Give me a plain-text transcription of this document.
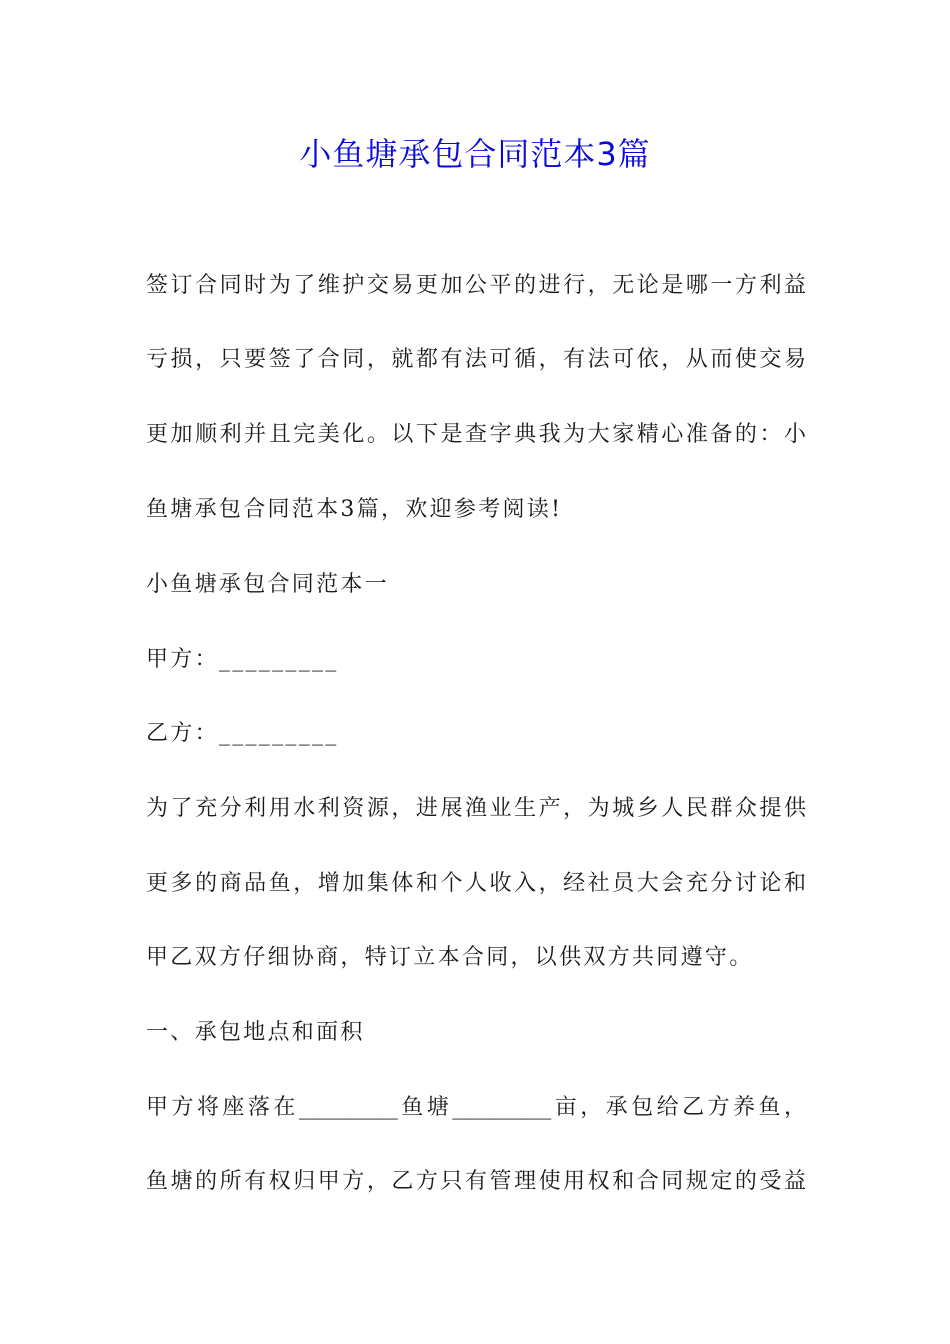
小鱼塘承包合同范本3篇
签订合同时为了维护交易更加公平的进行，无论是哪一方利益
亏损，只要签了合同，就都有法可循，有法可依，从而使交易
更加顺利并且完美化。以下是查字典我为大家精心准备的：小
鱼塘承包合同范本3篇，欢迎参考阅读!
小鱼塘承包合同范本一
甲方：_________
乙方：_________
为了充分利用水利资源，进展渔业生产，为城乡人民群众提供
更多的商品鱼，增加集体和个人收入，经社员大会充分讨论和
甲乙双方仔细协商，特订立本合同，以供双方共同遵守。
一、承包地点和面积
甲方将座落在_________鱼塘_________亩，承包给乙方养鱼，
鱼塘的所有权归甲方，乙方只有管理使用权和合同规定的受益
